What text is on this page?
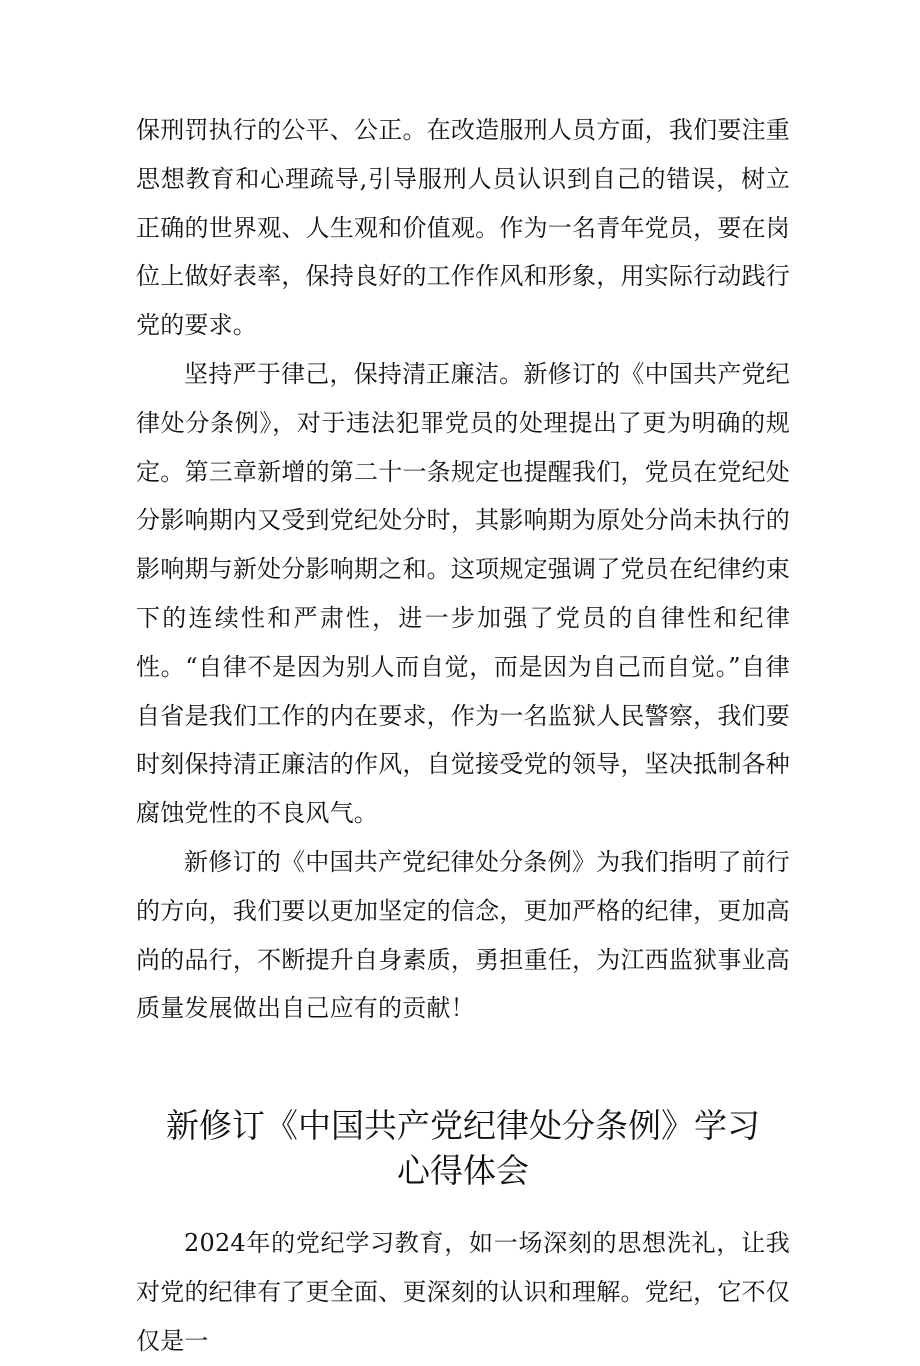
保刑罚执行的公平、公正。在改造服刑人员方面，我们要注重思想教育和心理疏导,引导服刑人员认识到自己的错误，树立正确的世界观、人生观和价值观。作为一名青年党员，要在岗位上做好表率，保持良好的工作作风和形象，用实际行动践行党的要求。

坚持严于律己，保持清正廉洁。新修订的《中国共产党纪律处分条例》，对于违法犯罪党员的处理提出了更为明确的规定。第三章新增的第二十一条规定也提醒我们，党员在党纪处分影响期内又受到党纪处分时，其影响期为原处分尚未执行的影响期与新处分影响期之和。这项规定强调了党员在纪律约束下的连续性和严肃性，进一步加强了党员的自律性和纪律性。“自律不是因为别人而自觉，而是因为自己而自觉。”自律自省是我们工作的内在要求，作为一名监狱人民警察，我们要时刻保持清正廉洁的作风，自觉接受党的领导，坚决抵制各种腐蚀党性的不良风气。

新修订的《中国共产党纪律处分条例》为我们指明了前行的方向，我们要以更加坚定的信念，更加严格的纪律，更加高尚的品行，不断提升自身素质，勇担重任，为江西监狱事业高质量发展做出自己应有的贡献！

新修订《中国共产党纪律处分条例》学习
心得体会

2024年的党纪学习教育，如一场深刻的思想洗礼，让我对党的纪律有了更全面、更深刻的认识和理解。党纪，它不仅仅是一
